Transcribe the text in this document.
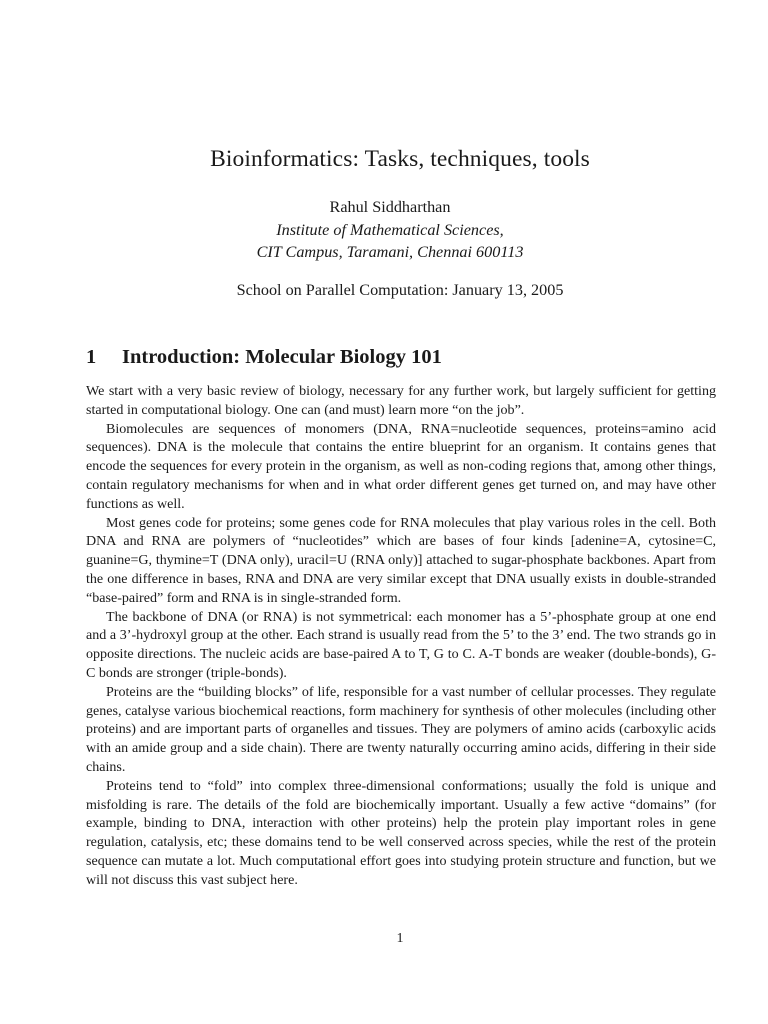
Bioinformatics: Tasks, techniques, tools
Rahul Siddharthan
Institute of Mathematical Sciences,
CIT Campus, Taramani, Chennai 600113
School on Parallel Computation: January 13, 2005
1	Introduction: Molecular Biology 101

We start with a very basic review of biology, necessary for any further work, but largely sufficient for getting started in computational biology. One can (and must) learn more “on the job”.

Biomolecules are sequences of monomers (DNA, RNA=nucleotide sequences, proteins=amino acid sequences). DNA is the molecule that contains the entire blueprint for an organism. It contains genes that encode the sequences for every protein in the organism, as well as non-coding regions that, among other things, contain regulatory mechanisms for when and in what order different genes get turned on, and may have other functions as well.

Most genes code for proteins; some genes code for RNA molecules that play various roles in the cell. Both DNA and RNA are polymers of “nucleotides” which are bases of four kinds [adenine=A, cytosine=C, guanine=G, thymine=T (DNA only), uracil=U (RNA only)] attached to sugar-phosphate backbones. Apart from the one difference in bases, RNA and DNA are very similar except that DNA usually exists in double-stranded “base-paired” form and RNA is in single-stranded form.

The backbone of DNA (or RNA) is not symmetrical: each monomer has a 5’-phosphate group at one end and a 3’-hydroxyl group at the other. Each strand is usually read from the 5’ to the 3’ end. The two strands go in opposite directions. The nucleic acids are base-paired A to T, G to C. A-T bonds are weaker (double-bonds), G-C bonds are stronger (triple-bonds).

Proteins are the “building blocks” of life, responsible for a vast number of cellular processes. They regulate genes, catalyse various biochemical reactions, form machinery for synthesis of other molecules (including other proteins) and are important parts of organelles and tissues. They are polymers of amino acids (carboxylic acids with an amide group and a side chain). There are twenty naturally occurring amino acids, differing in their side chains.

Proteins tend to “fold” into complex three-dimensional conformations; usually the fold is unique and misfolding is rare. The details of the fold are biochemically important. Usually a few active “domains” (for example, binding to DNA, interaction with other proteins) help the protein play important roles in gene regulation, catalysis, etc; these domains tend to be well conserved across species, while the rest of the protein sequence can mutate a lot. Much computational effort goes into studying protein structure and function, but we will not discuss this vast subject here.

1
